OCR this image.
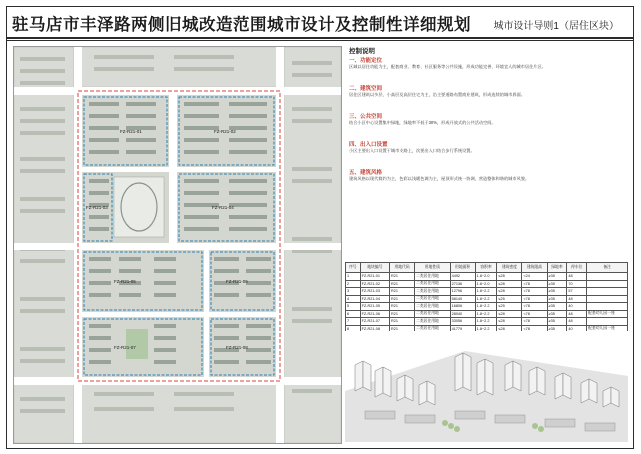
驻马店市丰泽路两侧旧城改造范围城市设计及控制性详细规划 城市设计导则1（居住区块）
FZ-R21-01	FZ-R21-02
FZ-R21-03	FZ-R21-04
FZ-R21-05	FZ-R21-06
FZ-R21-07	FZ-R21-08
控制说明
一、功能定位
区域以居住功能为主，配套商业、教育、社区服务等公共设施，形成功能完善、环境宜人的城市居住片区。
二、建筑空间
居住区建筑以多层、小高层及高层住宅为主，沿主要道路布置商业建筑，形成连续的城市界面。
三、公共空间
结合小区中心设置集中绿地，绿地率不低于30%，形成开放式的公共活动空间。
四、出入口设置
小区主要出入口设置于城市支路上，次要出入口结合步行系统设置。
五、建筑风格
建筑风格以现代简约为主，色彩以浅暖色调为主，屋顶形式统一协调，营造整体和谐的城市风貌。
序号	地块编号	用地代码	用地性质	用地面积	容积率	建筑密度	建筑限高	绿地率	停车位	备注
1	FZ-R21-01	R21	二类居住用地	4492	1.8~2.0	≤28	<24	≥35	48	
2	FZ-R21-02	R21	二类居住用地	27136	1.8~2.0	≤28	<78	≥35	70	
3	FZ-R21-03	R21	二类居住用地	12796	1.8~2.2	≤28	<78	≥35	57	
4	FZ-R21-04	R21	二类居住用地	58140	1.8~2.2	≤25	<78	≥35	48	
5	FZ-R21-05	R21	二类居住用地	16806	1.8~2.2	≤25	<78	≥35	40	
6	FZ-R21-06	R21	二类居住用地	28040	1.8~2.2	≤28	<78	≥35	48	配套幼儿园一座
7	FZ-R21-07	R21	二类居住用地	33056	1.8~2.2	≤28	<78	≥35	48	
8	FZ-R21-08	R21	二类居住用地	41779	1.8~2.2	≤28	<78	≥35	40	配套幼儿园一座
